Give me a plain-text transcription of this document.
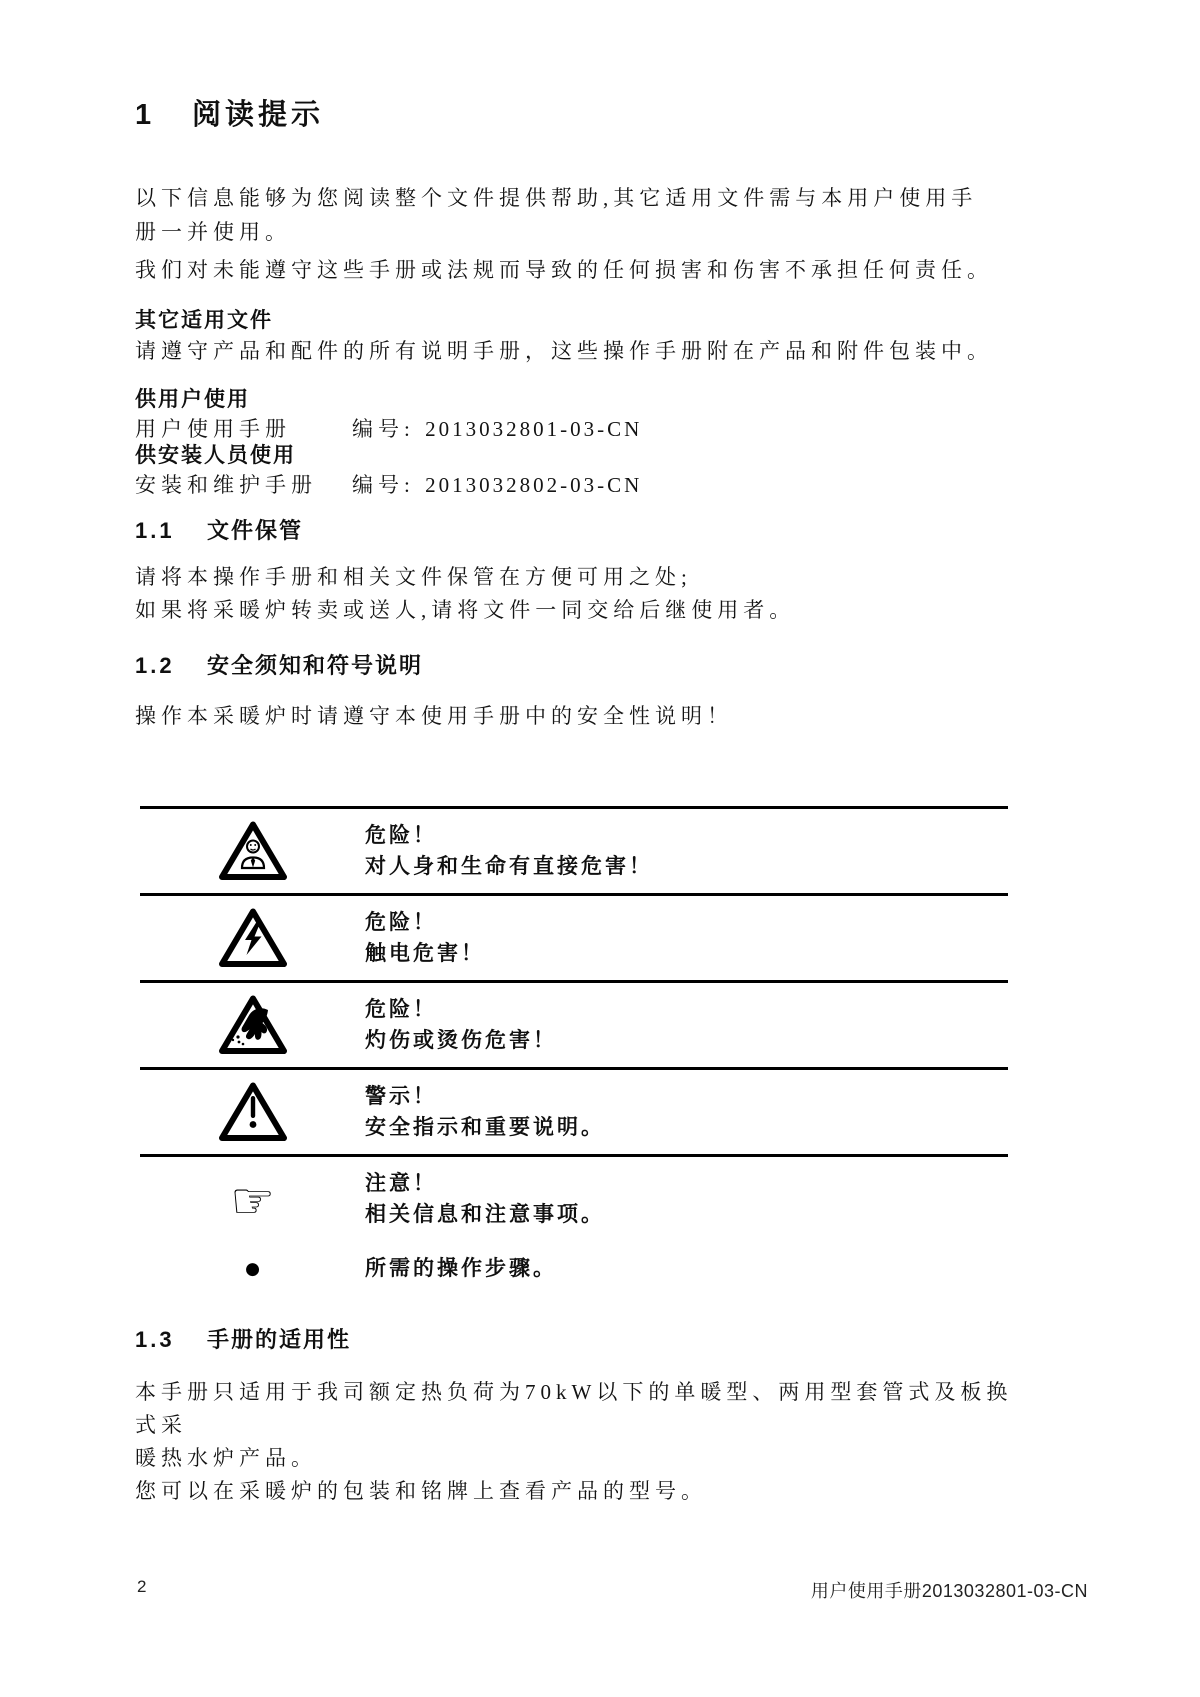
1 阅读提示
以下信息能够为您阅读整个文件提供帮助,其它适用文件需与本用户使用手
册一并使用。
我们对未能遵守这些手册或法规而导致的任何损害和伤害不承担任何责任。
其它适用文件
请遵守产品和配件的所有说明手册，这些操作手册附在产品和附件包装中。
供用户使用
用户使用手册	编号: 2013032801-03-CN
供安装人员使用
安装和维护手册	编号: 2013032802-03-CN
1.1 文件保管
请将本操作手册和相关文件保管在方便可用之处;
如果将采暖炉转卖或送人,请将文件一同交给后继使用者。
1.2 安全须知和符号说明
操作本采暖炉时请遵守本使用手册中的安全性说明！
危险！
对人身和生命有直接危害！
危险！
触电危害！
危险！
灼伤或烫伤危害！
警示！
安全指示和重要说明。
☞	注意！
相关信息和注意事项。
●	所需的操作步骤。
1.3 手册的适用性
本手册只适用于我司额定热负荷为70kW以下的单暖型、两用型套管式及板换式采
暖热水炉产品。
您可以在采暖炉的包装和铭牌上查看产品的型号。
2	用户使用手册2013032801-03-CN
